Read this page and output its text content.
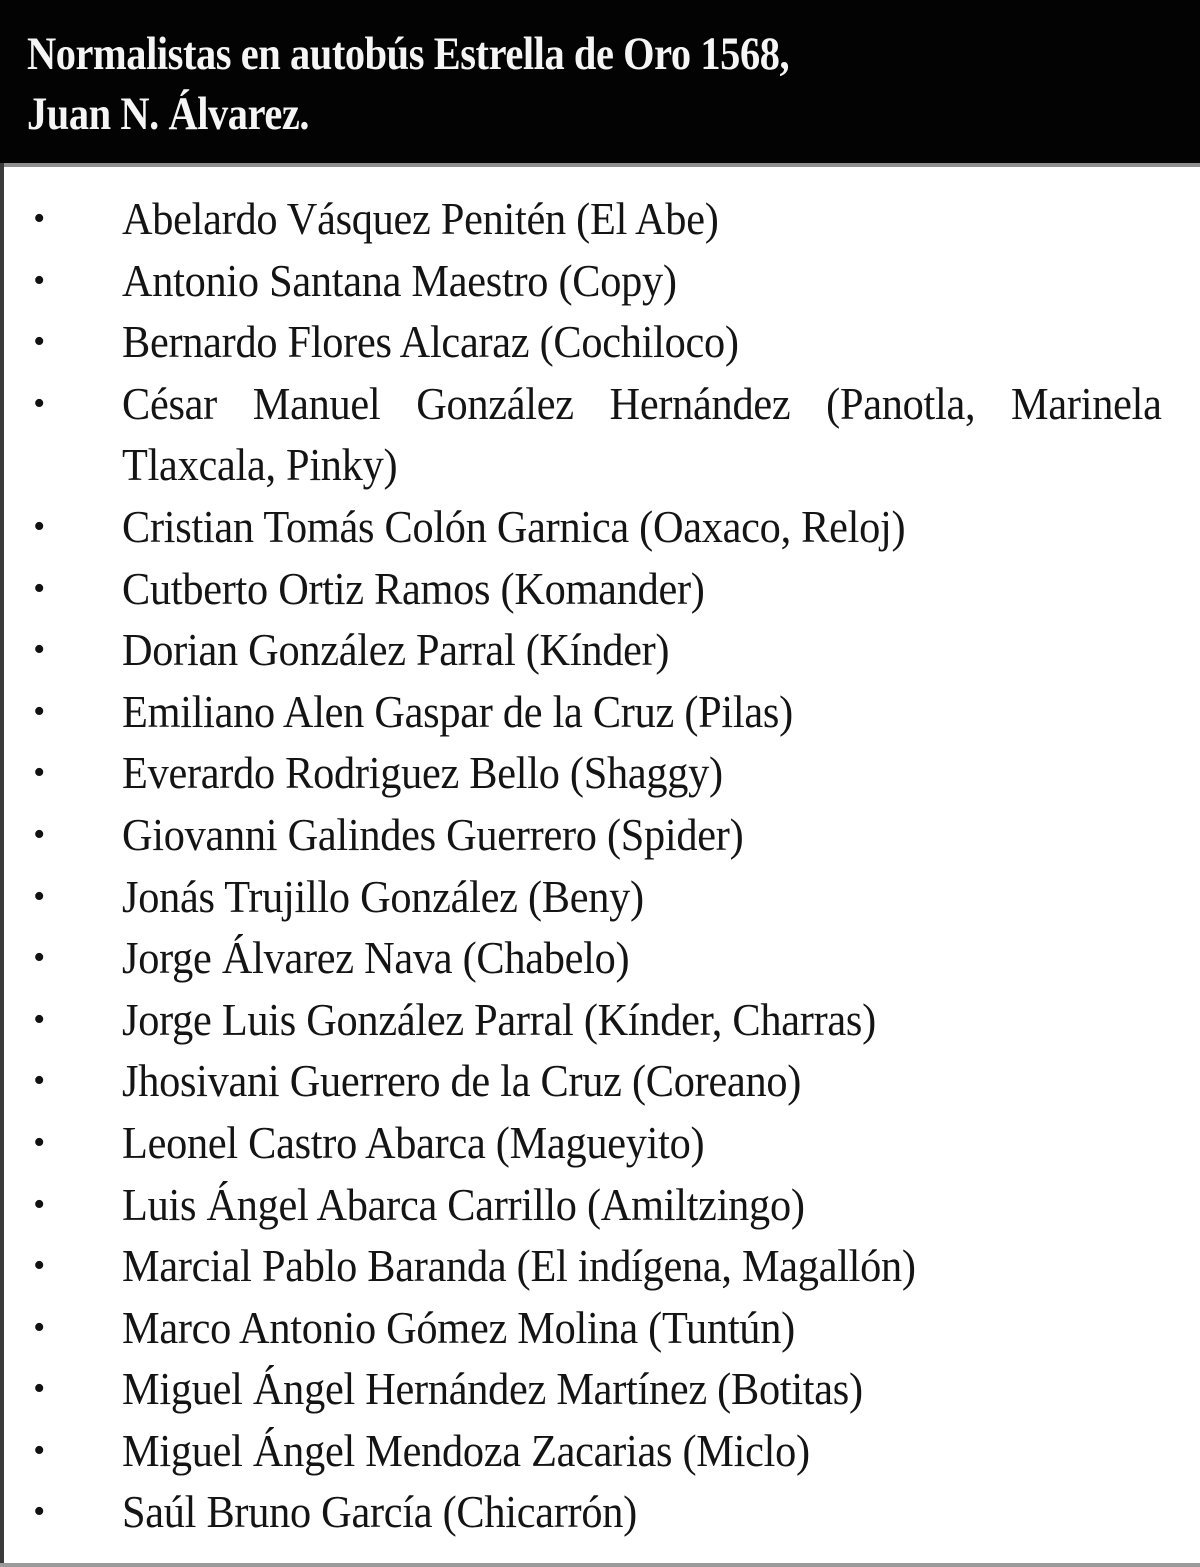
Normalistas en autobús Estrella de Oro 1568,
Juan N. Álvarez.
• Abelardo Vásquez Penitén (El Abe)
• Antonio Santana Maestro (Copy)
• Bernardo Flores Alcaraz (Cochiloco)
• César Manuel González Hernández (Panotla, Marinela Tlaxcala, Pinky)
• Cristian Tomás Colón Garnica (Oaxaco, Reloj)
• Cutberto Ortiz Ramos (Komander)
• Dorian González Parral (Kínder)
• Emiliano Alen Gaspar de la Cruz (Pilas)
• Everardo Rodriguez Bello (Shaggy)
• Giovanni Galindes Guerrero (Spider)
• Jonás Trujillo González (Beny)
• Jorge Álvarez Nava (Chabelo)
• Jorge Luis González Parral (Kínder, Charras)
• Jhosivani Guerrero de la Cruz (Coreano)
• Leonel Castro Abarca (Magueyito)
• Luis Ángel Abarca Carrillo (Amiltzingo)
• Marcial Pablo Baranda (El indígena, Magallón)
• Marco Antonio Gómez Molina (Tuntún)
• Miguel Ángel Hernández Martínez (Botitas)
• Miguel Ángel Mendoza Zacarias (Miclo)
• Saúl Bruno García (Chicarrón)
